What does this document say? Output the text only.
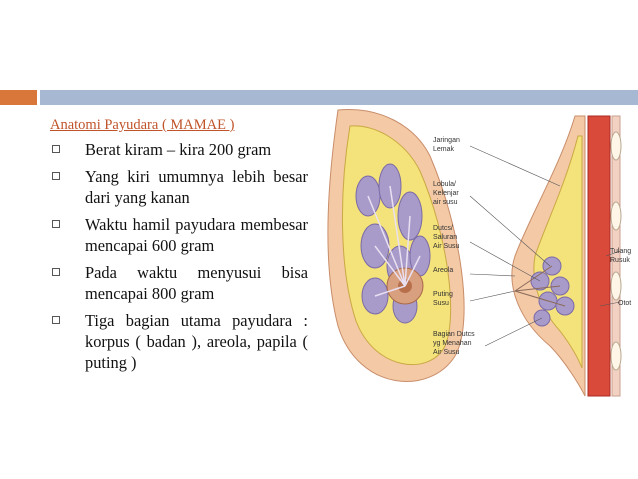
Anatomi Payudara ( MAMAE )
Berat kiram – kira 200 gram
Yang kiri umumnya lebih besar dari yang kanan
Waktu hamil payudara membesar mencapai 600 gram
Pada waktu menyusui bisa mencapai 800 gram
Tiga bagian utama payudara : korpus ( badan ), areola, papila ( puting )
Jaringan
Lemak
Lobula/
Kelenjar
air susu
Dutcs/
Saluran
Air Susu
Areola
Puting
Susu
Bagian Dutcs
yg Menahan
Air Susu
Tulang
Rusuk
Otot
